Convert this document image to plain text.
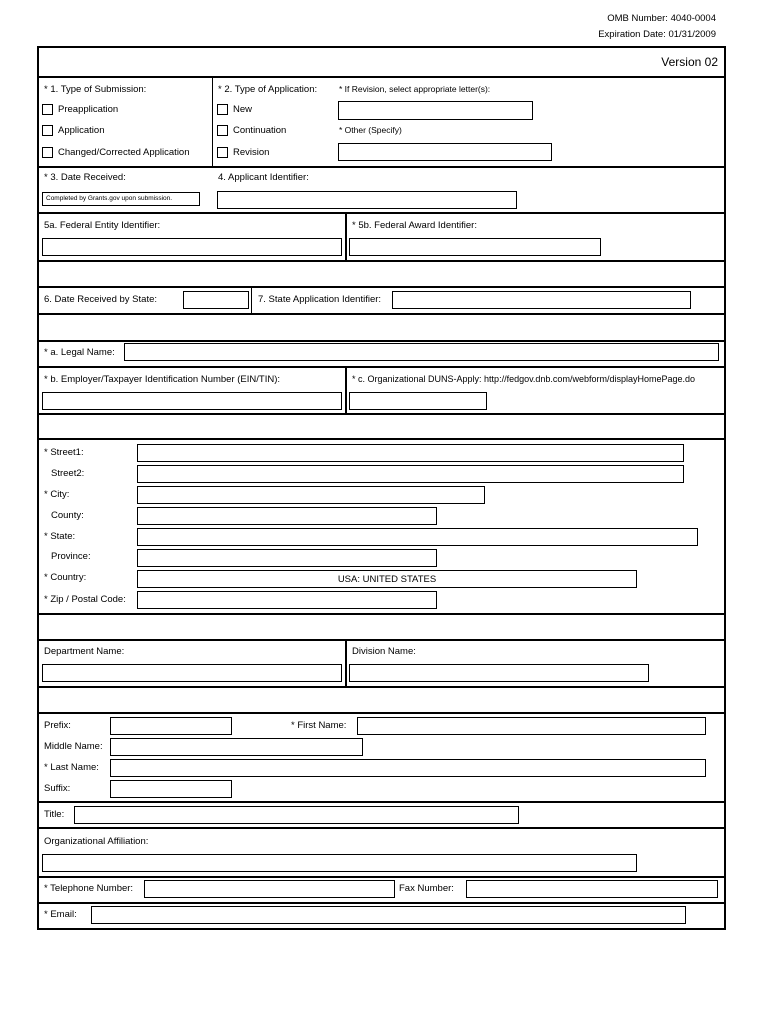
OMB Number: 4040-0004
Expiration Date: 01/31/2009
Version 02
* 1. Type of Submission:
Preapplication
Application
Changed/Corrected Application
* 2. Type of Application:
New
Continuation
Revision
* If Revision, select appropriate letter(s):
* Other (Specify)
* 3. Date Received:
Completed by Grants.gov upon submission.
4. Applicant Identifier:
5a. Federal Entity Identifier:	* 5b. Federal Award Identifier:
6. Date Received by State:	7. State Application Identifier:
* a. Legal Name:
* b. Employer/Taxpayer Identification Number (EIN/TIN):	* c. Organizational DUNS-Apply: http://fedgov.dnb.com/webform/displayHomePage.do
* Street1:
Street2:
* City:
County:
* State:
Province:
* Country:	USA: UNITED STATES
* Zip / Postal Code:
Department Name:	Division Name:
Prefix:	* First Name:
Middle Name:
* Last Name:
Suffix:
Title:
Organizational Affiliation:
* Telephone Number:	Fax Number:
* Email:
